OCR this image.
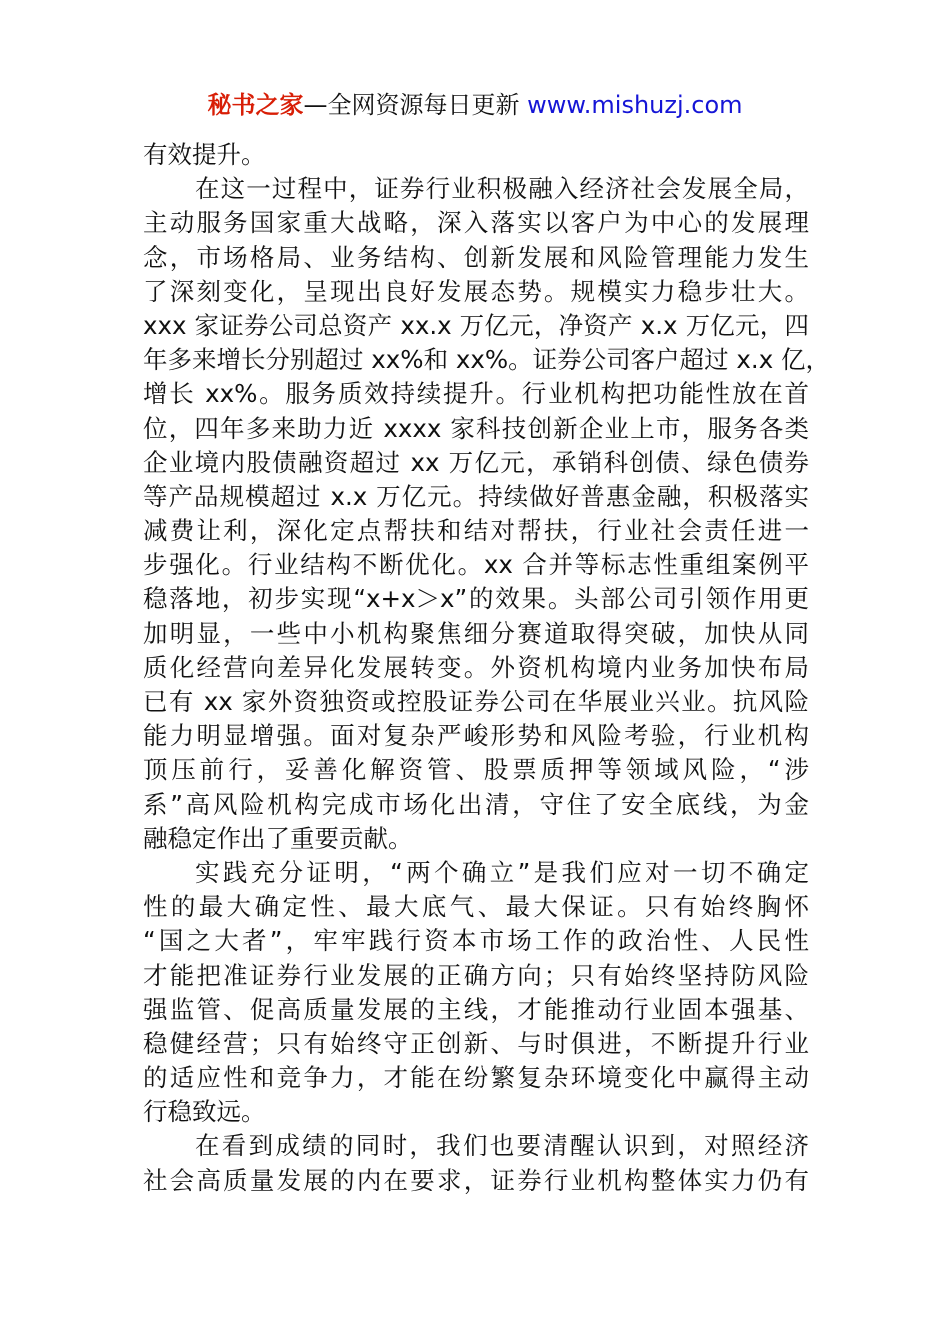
秘书之家—全网资源每日更新 www.mishuzj.com
有效提升。
在这一过程中，证券行业积极融入经济社会发展全局，
主动服务国家重大战略，深入落实以客户为中心的发展理
念，市场格局、业务结构、创新发展和风险管理能力发生
了深刻变化，呈现出良好发展态势。规模实力稳步壮大。
xxx 家证券公司总资产 xx.x 万亿元，净资产 x.x 万亿元，四
年多来增长分别超过 xx%和 xx%。证券公司客户超过 x.x 亿，
增长 xx%。服务质效持续提升。行业机构把功能性放在首
位，四年多来助力近 xxxx 家科技创新企业上市，服务各类
企业境内股债融资超过 xx 万亿元，承销科创债、绿色债券
等产品规模超过 x.x 万亿元。持续做好普惠金融，积极落实
减费让利，深化定点帮扶和结对帮扶，行业社会责任进一
步强化。行业结构不断优化。xx 合并等标志性重组案例平
稳落地，初步实现“x+x＞x”的效果。头部公司引领作用更
加明显，一些中小机构聚焦细分赛道取得突破，加快从同
质化经营向差异化发展转变。外资机构境内业务加快布局
已有 xx 家外资独资或控股证券公司在华展业兴业。抗风险
能力明显增强。面对复杂严峻形势和风险考验，行业机构
顶压前行，妥善化解资管、股票质押等领域风险，“涉
系”高风险机构完成市场化出清，守住了安全底线，为金
融稳定作出了重要贡献。
实践充分证明，“两个确立”是我们应对一切不确定
性的最大确定性、最大底气、最大保证。只有始终胸怀
“国之大者”，牢牢践行资本市场工作的政治性、人民性
才能把准证券行业发展的正确方向；只有始终坚持防风险
强监管、促高质量发展的主线，才能推动行业固本强基、
稳健经营；只有始终守正创新、与时俱进，不断提升行业
的适应性和竞争力，才能在纷繁复杂环境变化中赢得主动
行稳致远。
在看到成绩的同时，我们也要清醒认识到，对照经济
社会高质量发展的内在要求，证券行业机构整体实力仍有
